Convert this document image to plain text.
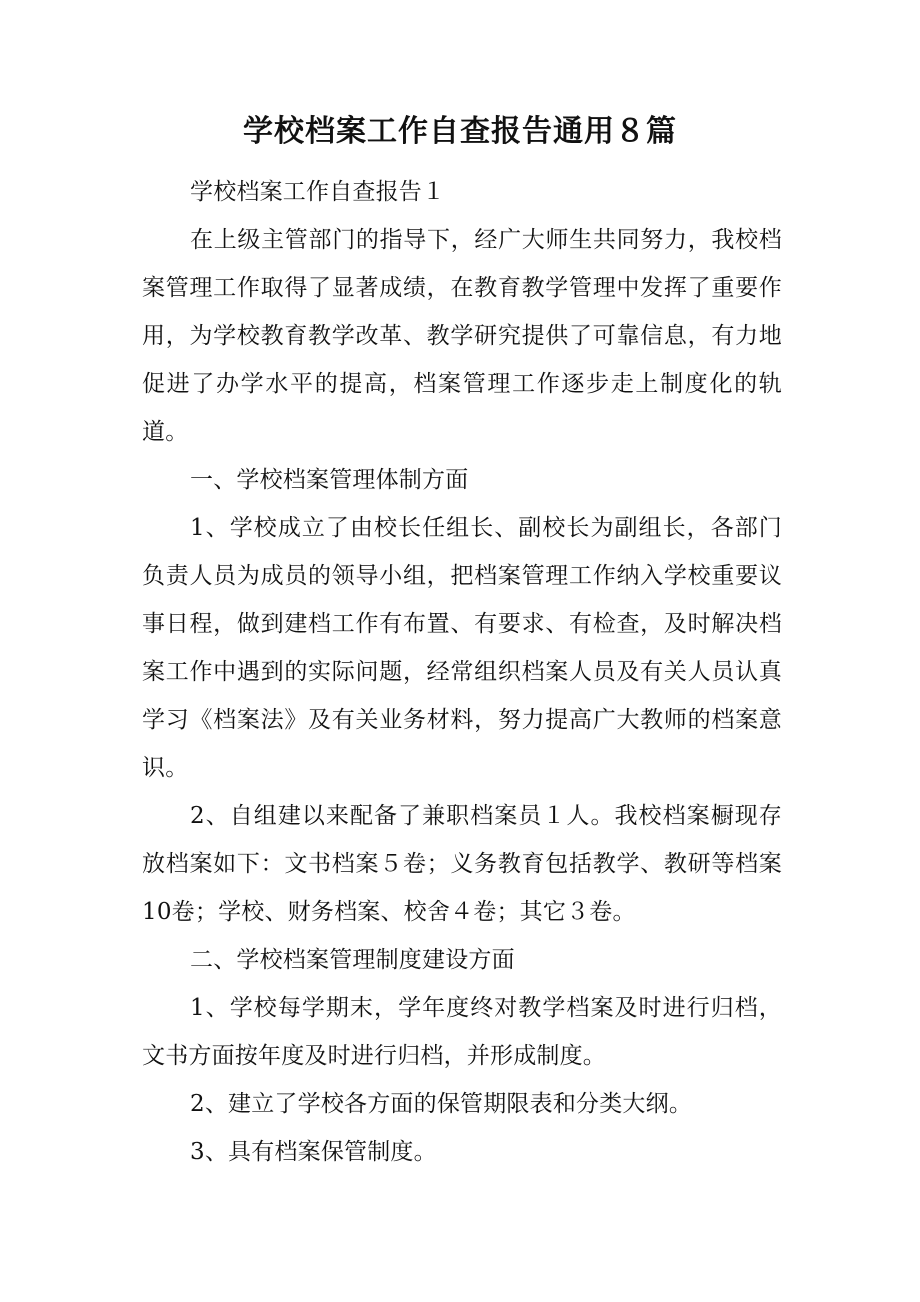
学校档案工作自查报告通用８篇

学校档案工作自查报告１

在上级主管部门的指导下，经广大师生共同努力，我校档案管理工作取得了显著成绩，在教育教学管理中发挥了重要作用，为学校教育教学改革、教学研究提供了可靠信息，有力地促进了办学水平的提高，档案管理工作逐步走上制度化的轨道。

一、学校档案管理体制方面

1、学校成立了由校长任组长、副校长为副组长，各部门负责人员为成员的领导小组，把档案管理工作纳入学校重要议事日程，做到建档工作有布置、有要求、有检查，及时解决档案工作中遇到的实际问题，经常组织档案人员及有关人员认真学习《档案法》及有关业务材料，努力提高广大教师的档案意识。

2、自组建以来配备了兼职档案员１人。我校档案橱现存放档案如下：文书档案５卷；义务教育包括教学、教研等档案10卷；学校、财务档案、校舍４卷；其它３卷。

二、学校档案管理制度建设方面

1、学校每学期末，学年度终对教学档案及时进行归档，文书方面按年度及时进行归档，并形成制度。

2、建立了学校各方面的保管期限表和分类大纲。

3、具有档案保管制度。
